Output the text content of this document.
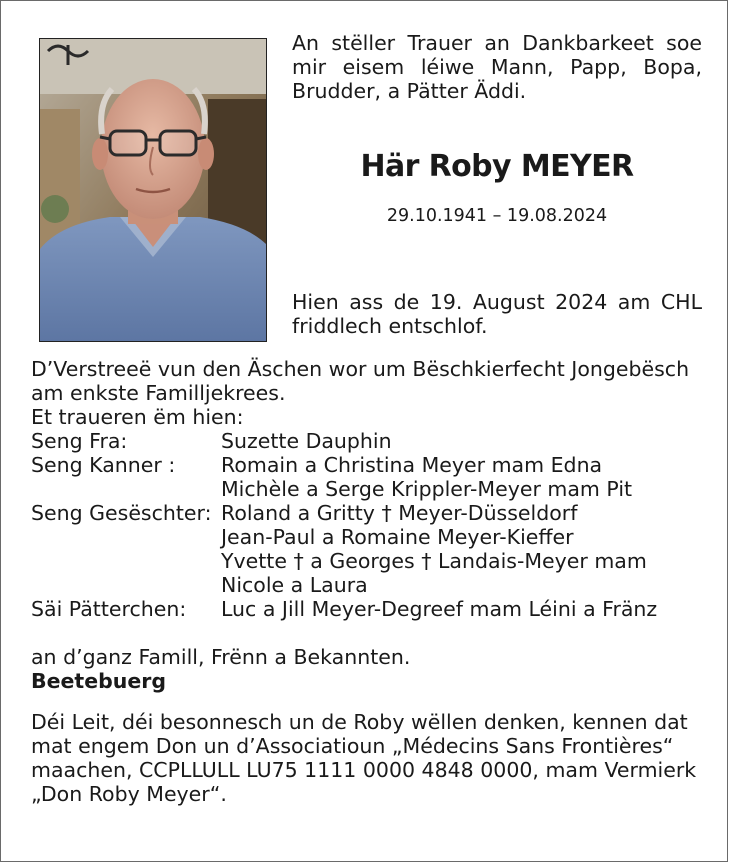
An stëller Trauer an Dankbarkeet soe mir eisem léiwe Mann, Papp, Bopa, Brudder, a Pätter Äddi.
Här Roby MEYER
29.10.1941 – 19.08.2024
Hien ass de 19. August 2024 am CHL friddlech entschlof.

D’Verstreeë vun den Äschen wor um Bëschkierfecht Jongebësch am enkste Familljekrees.

Et traueren ëm hien:

Seng Fra:	Suzette Dauphin
Seng Kanner :	Romain a Christina Meyer mam Edna
Michèle a Serge Krippler-Meyer mam Pit
Seng Gesëschter: Roland a Gritty † Meyer-Düsseldorf
Jean-Paul a Romaine Meyer-Kieffer
Yvette † a Georges † Landais-Meyer mam
Nicole a Laura
Säi Pätterchen:	Luc a Jill Meyer-Degreef mam Léini a Fränz

an d’ganz Famill, Frënn a Bekannten.

Beetebuerg

Déi Leit, déi besonnesch un de Roby wëllen denken, kennen dat mat engem Don un d’Associatioun „Médecins Sans Frontières“ maachen, CCPLLULL LU75 1111 0000 4848 0000, mam Vermierk „Don Roby Meyer“.
